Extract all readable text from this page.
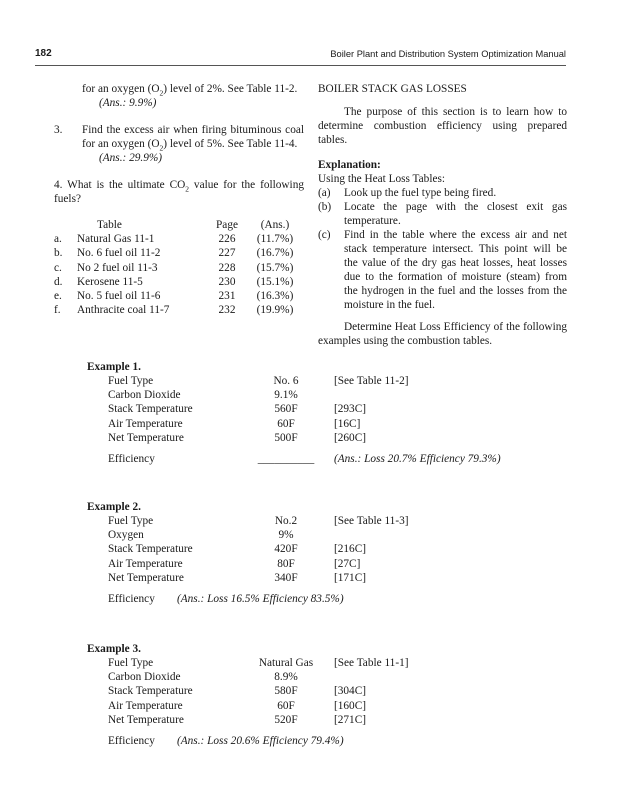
182	Boiler Plant and Distribution System Optimization Manual

for an oxygen $(O_2)$ level of 2%. See Table 11-2.

(Ans.: 9.9%)

3. Find the excess air when firing bituminous coal for an oxygen $(O_2)$ level of 5%. See Table 11-4.

(Ans.: 29.9%)

4. What is the ultimate $CO_2$ value for the following fuels?

	Table	Page	(Ans.)
a.	Natural Gas 11-1	226	(11.7%)
b.	No. 6 fuel oil 11-2	227	(16.7%)
c.	No 2 fuel oil 11-3	228	(15.7%)
d.	Kerosene 11-5	230	(15.1%)
e.	No. 5 fuel oil 11-6	231	(16.3%)
f.	Anthracite coal 11-7	232	(19.9%)

BOILER STACK GAS LOSSES

The purpose of this section is to learn how to determine combustion efficiency using prepared tables.

Explanation:

Using the Heat Loss Tables:

(a) Look up the fuel type being fired.
(b) Locate the page with the closest exit gas temperature.
(c) Find in the table where the excess air and net stack temperature intersect. This point will be the value of the dry gas heat losses, heat losses due to the formation of moisture (steam) from the hydrogen in the fuel and the losses from the moisture in the fuel.

Determine Heat Loss Efficiency of the following examples using the combustion tables.

Example 1.
Fuel Type	No. 6	[See Table 11-2]
Carbon Dioxide	9.1%
Stack Temperature	560F	[293C]
Air Temperature	60F	[16C]
Net Temperature	500F	[260C]
Efficiency	__________	(Ans.: Loss 20.7% Efficiency 79.3%)
Example 2.
Fuel Type	No.2	[See Table 11-3]
Oxygen	9%
Stack Temperature	420F	[216C]
Air Temperature	80F	[27C]
Net Temperature	340F	[171C]
Efficiency (Ans.: Loss 16.5% Efficiency 83.5%)
Example 3.
Fuel Type	Natural Gas	[See Table 11-1]
Carbon Dioxide	8.9%
Stack Temperature	580F	[304C]
Air Temperature	60F	[160C]
Net Temperature	520F	[271C]
Efficiency (Ans.: Loss 20.6% Efficiency 79.4%)
